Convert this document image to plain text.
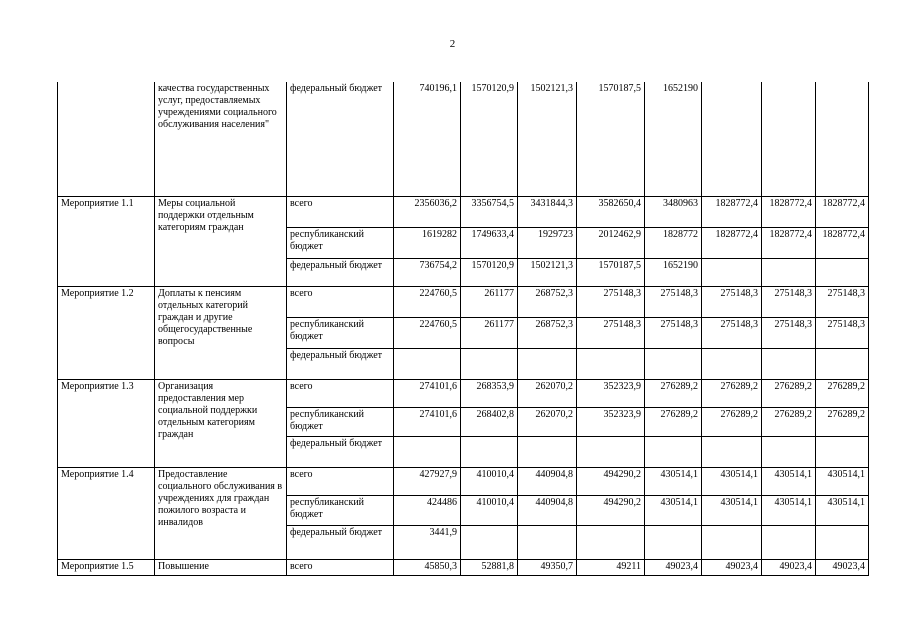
2
	качества государственных услуг, предоставляемых учреждениями социального обслуживания населения"	федеральный бюджет	740196,1	1570120,9	1502121,3	1570187,5	1652190			
Мероприятие 1.1	Меры социальной поддержки отдельным категориям граждан	всего	2356036,2	3356754,5	3431844,3	3582650,4	3480963	1828772,4	1828772,4	1828772,4
		республиканский бюджет	1619282	1749633,4	1929723	2012462,9	1828772	1828772,4	1828772,4	1828772,4
		федеральный бюджет	736754,2	1570120,9	1502121,3	1570187,5	1652190			
Мероприятие 1.2	Доплаты к пенсиям отдельных категорий граждан и другие общегосударственные вопросы	всего	224760,5	261177	268752,3	275148,3	275148,3	275148,3	275148,3	275148,3
		республиканский бюджет	224760,5	261177	268752,3	275148,3	275148,3	275148,3	275148,3	275148,3
		федеральный бюджет								
Мероприятие 1.3	Организация предоставления мер социальной поддержки отдельным категориям граждан	всего	274101,6	268353,9	262070,2	352323,9	276289,2	276289,2	276289,2	276289,2
		республиканский бюджет	274101,6	268402,8	262070,2	352323,9	276289,2	276289,2	276289,2	276289,2
		федеральный бюджет								
Мероприятие 1.4	Предоставление социального обслуживания в учреждениях для граждан пожилого возраста и инвалидов	всего	427927,9	410010,4	440904,8	494290,2	430514,1	430514,1	430514,1	430514,1
		республиканский бюджет	424486	410010,4	440904,8	494290,2	430514,1	430514,1	430514,1	430514,1
		федеральный бюджет	3441,9							
Мероприятие 1.5	Повышение	всего	45850,3	52881,8	49350,7	49211	49023,4	49023,4	49023,4	49023,4
